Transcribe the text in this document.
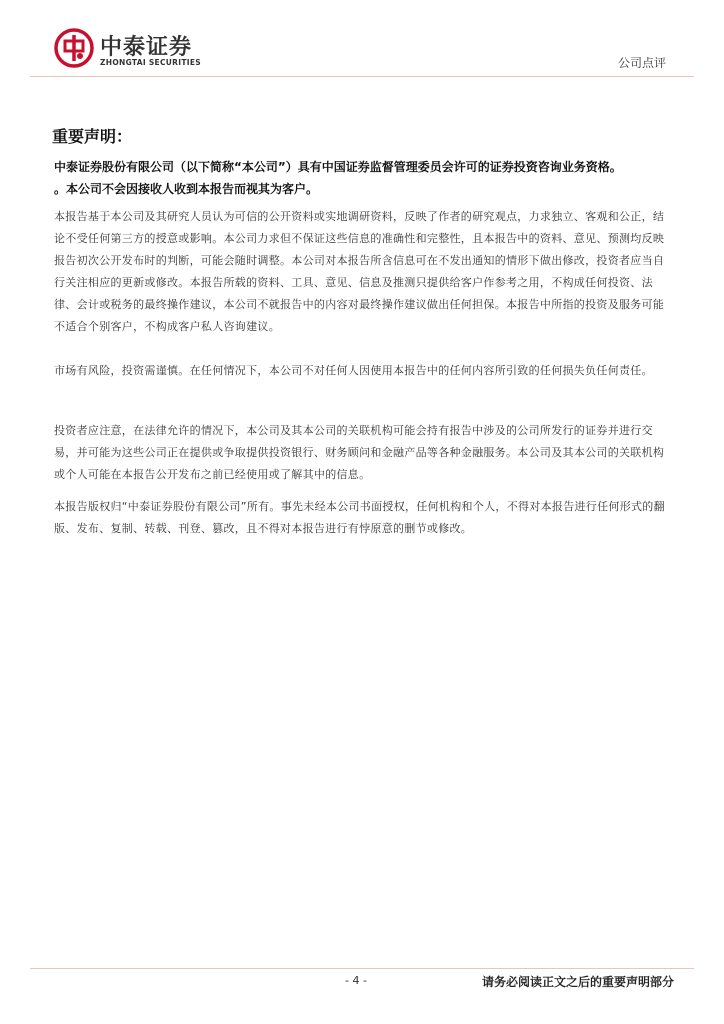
中泰证券
ZHONGTAI SECURITIES	公司点评
重要声明：

中泰证券股份有限公司（以下简称“本公司”）具有中国证券监督管理委员会许可的证券投资咨询业务资格。

。本公司不会因接收人收到本报告而视其为客户。

本报告基于本公司及其研究人员认为可信的公开资料或实地调研资料，反映了作者的研究观点，力求独立、客观和公正，结论不受任何第三方的授意或影响。本公司力求但不保证这些信息的准确性和完整性，且本报告中的资料、意见、预测均反映报告初次公开发布时的判断，可能会随时调整。本公司对本报告所含信息可在不发出通知的情形下做出修改，投资者应当自行关注相应的更新或修改。本报告所载的资料、工具、意见、信息及推测只提供给客户作参考之用，不构成任何投资、法律、会计或税务的最终操作建议，本公司不就报告中的内容对最终操作建议做出任何担保。本报告中所指的投资及服务可能不适合个别客户，不构成客户私人咨询建议。

市场有风险，投资需谨慎。在任何情况下，本公司不对任何人因使用本报告中的任何内容所引致的任何损失负任何责任。

投资者应注意，在法律允许的情况下，本公司及其本公司的关联机构可能会持有报告中涉及的公司所发行的证券并进行交易，并可能为这些公司正在提供或争取提供投资银行、财务顾问和金融产品等各种金融服务。本公司及其本公司的关联机构或个人可能在本报告公开发布之前已经使用或了解其中的信息。

本报告版权归“中泰证券股份有限公司”所有。事先未经本公司书面授权，任何机构和个人，不得对本报告进行任何形式的翻版、发布、复制、转载、刊登、篡改，且不得对本报告进行有悖原意的删节或修改。

- 4 -	请务必阅读正文之后的重要声明部分
